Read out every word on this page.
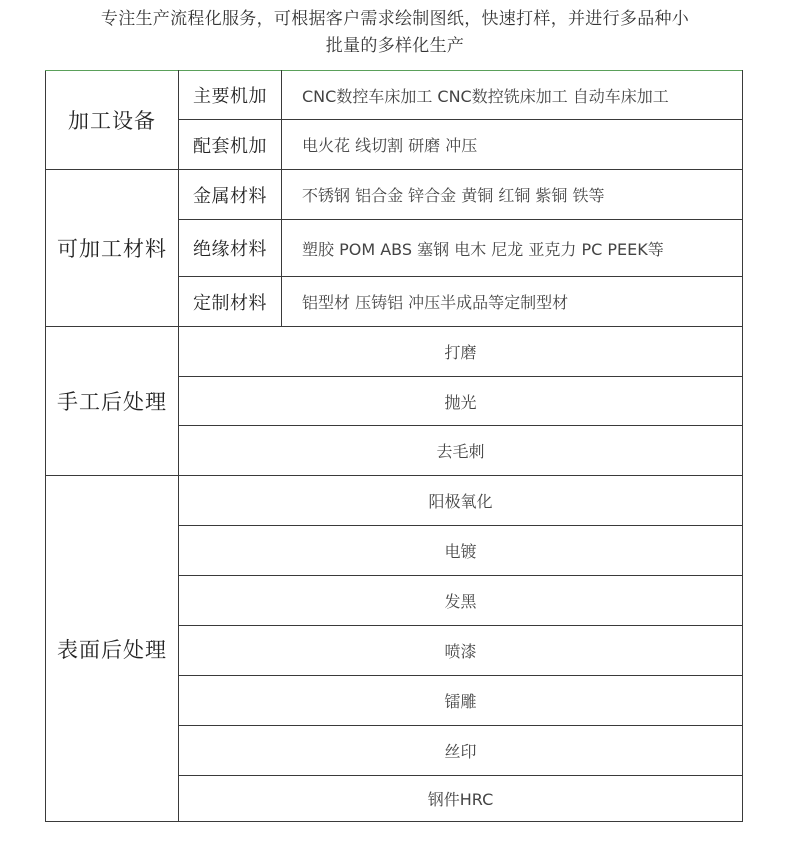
专注生产流程化服务，可根据客户需求绘制图纸，快速打样，并进行多品种小
批量的多样化生产
加工设备	主要机加	CNC数控车床加工 CNC数控铣床加工 自动车床加工
	配套机加	电火花 线切割 研磨 冲压
可加工材料	金属材料	不锈钢 铝合金 锌合金 黄铜 红铜 紫铜 铁等
	绝缘材料	塑胶 POM ABS 塞钢 电木 尼龙 亚克力 PC PEEK等
	定制材料	铝型材 压铸铝 冲压半成品等定制型材
手工后处理	打磨	
	抛光	
	去毛刺	
表面后处理	阳极氧化	
	电镀	
	发黑	
	喷漆	
	镭雕	
	丝印	
	钢件HRC	
